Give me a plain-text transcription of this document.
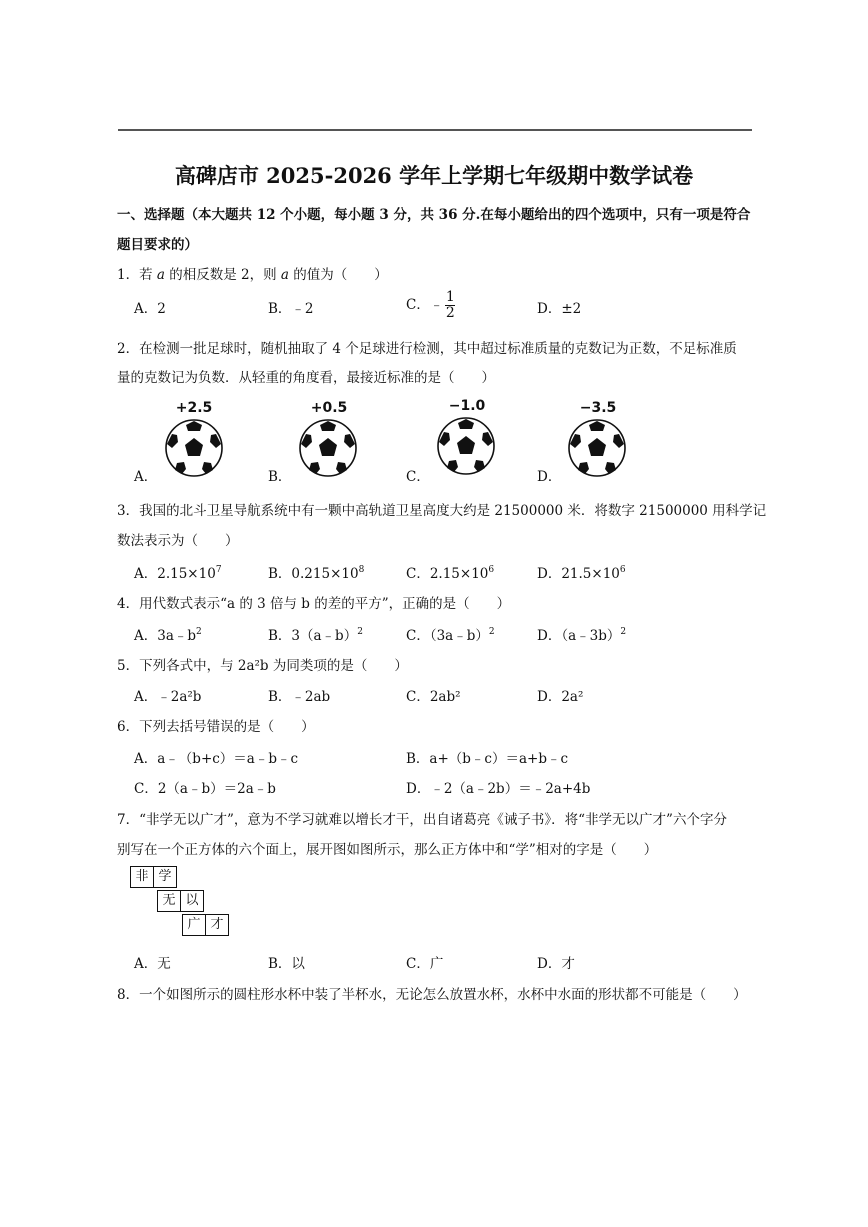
高碑店市 2025-2026 学年上学期七年级期中数学试卷
一、选择题（本大题共 12 个小题，每小题 3 分，共 36 分.在每小题给出的四个选项中，只有一项是符合
题目要求的）
1．若 a 的相反数是 2，则 a 的值为（　　）
A．2	B．﹣2	C．﹣ $\frac{1}{2}$	D．±2
2．在检测一批足球时，随机抽取了 4 个足球进行检测，其中超过标准质量的克数记为正数，不足标准质
量的克数记为负数．从轻重的角度看，最接近标准的是（　　）
+2.5	+0.5	−1.0	−3.5
A．	B．	C．	D．
3．我国的北斗卫星导航系统中有一颗中高轨道卫星高度大约是 21500000 米．将数字 21500000 用科学记
数法表示为（　　）
A．$2.15\times 10^7$	B．$0.215\times 10^8$	C．$2.15\times 10^6$	D．$21.5\times 10^6$
4．用代数式表示“a 的 3 倍与 b 的差的平方”，正确的是（　　）
A．$3a﹣b^2$	B．3（a﹣b）$^2$	C．（3a﹣b）$^2$	D．（a﹣3b）$^2$
5．下列各式中，与 2a²b 为同类项的是（　　）
A．﹣2a²b	B．﹣2ab	C．2ab²	D．2a²
6．下列去括号错误的是（　　）
A．a﹣（b+c）＝a﹣b﹣c	B．a+（b﹣c）＝a+b﹣c
C．2（a﹣b）＝2a﹣b	D．﹣2（a﹣2b）＝﹣2a+4b
7．“非学无以广才”，意为不学习就难以增长才干，出自诸葛亮《诫子书》．将“非学无以广才”六个字分
别写在一个正方体的六个面上，展开图如图所示，那么正方体中和“学”相对的字是（　　）
非 学
无 以
广 才
A．无	B．以	C．广	D．才
8．一个如图所示的圆柱形水杯中装了半杯水，无论怎么放置水杯，水杯中水面的形状都不可能是（　　）
